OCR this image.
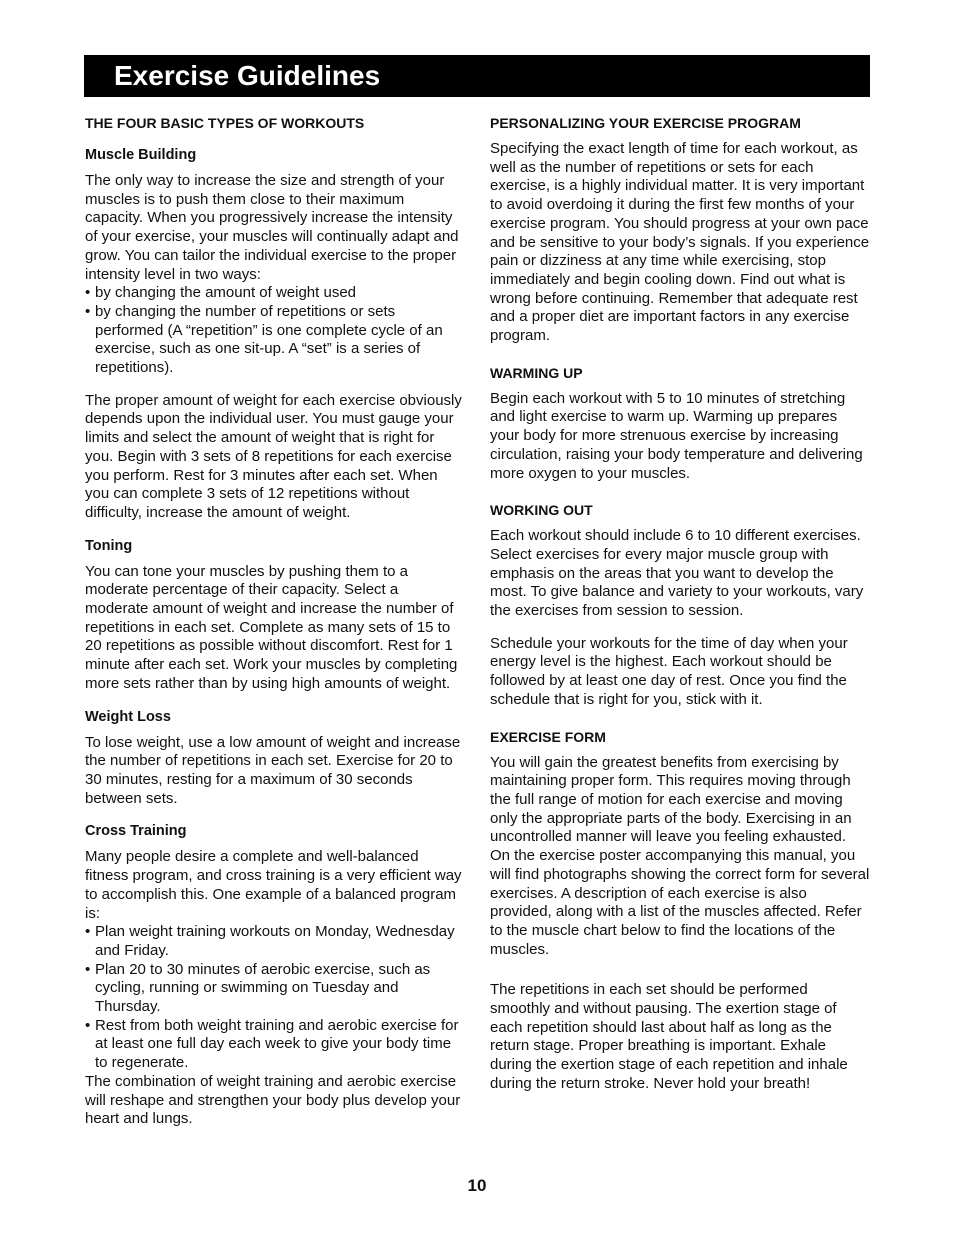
Exercise Guidelines
THE FOUR BASIC TYPES OF WORKOUTS
Muscle Building

The only way to increase the size and strength of your muscles is to push them close to their maximum capacity. When you progressively increase the intensity of your exercise, your muscles will continually adapt and grow. You can tailor the individual exercise to the proper intensity level in two ways:

• by changing the amount of weight used
• by changing the number of repetitions or sets performed (A “repetition” is one complete cycle of an exercise, such as one sit-up. A “set” is a series of repetitions).

The proper amount of weight for each exercise obviously depends upon the individual user. You must gauge your limits and select the amount of weight that is right for you. Begin with 3 sets of 8 repetitions for each exercise you perform. Rest for 3 minutes after each set. When you can complete 3 sets of 12 repetitions without difficulty, increase the amount of weight.

Toning

You can tone your muscles by pushing them to a moderate percentage of their capacity. Select a moderate amount of weight and increase the number of repetitions in each set. Complete as many sets of 15 to 20 repetitions as possible without discomfort. Rest for 1 minute after each set. Work your muscles by completing more sets rather than by using high amounts of weight.

Weight Loss

To lose weight, use a low amount of weight and increase the number of repetitions in each set. Exercise for 20 to 30 minutes, resting for a maximum of 30 seconds between sets.

Cross Training

Many people desire a complete and well-balanced fitness program, and cross training is a very efficient way to accomplish this. One example of a balanced program is:

• Plan weight training workouts on Monday, Wednesday and Friday.
• Plan 20 to 30 minutes of aerobic exercise, such as cycling, running or swimming on Tuesday and Thursday.
• Rest from both weight training and aerobic exercise for at least one full day each week to give your body time to regenerate.

The combination of weight training and aerobic exercise will reshape and strengthen your body plus develop your heart and lungs.

PERSONALIZING YOUR EXERCISE PROGRAM

Specifying the exact length of time for each workout, as well as the number of repetitions or sets for each exercise, is a highly individual matter. It is very important to avoid overdoing it during the first few months of your exercise program. You should progress at your own pace and be sensitive to your body’s signals. If you experience pain or dizziness at any time while exercising, stop immediately and begin cooling down. Find out what is wrong before continuing. Remember that adequate rest and a proper diet are important factors in any exercise program.

WARMING UP

Begin each workout with 5 to 10 minutes of stretching and light exercise to warm up. Warming up prepares your body for more strenuous exercise by increasing circulation, raising your body temperature and delivering more oxygen to your muscles.

WORKING OUT

Each workout should include 6 to 10 different exercises. Select exercises for every major muscle group with emphasis on the areas that you want to develop the most. To give balance and variety to your workouts, vary the exercises from session to session.

Schedule your workouts for the time of day when your energy level is the highest. Each workout should be followed by at least one day of rest. Once you find the schedule that is right for you, stick with it.

EXERCISE FORM

You will gain the greatest benefits from exercising by maintaining proper form. This requires moving through the full range of motion for each exercise and moving only the appropriate parts of the body. Exercising in an uncontrolled manner will leave you feeling exhausted. On the exercise poster accompanying this manual, you will find photographs showing the correct form for several exercises. A description of each exercise is also provided, along with a list of the muscles affected. Refer to the muscle chart below to find the locations of the muscles.

The repetitions in each set should be performed smoothly and without pausing. The exertion stage of each repetition should last about half as long as the return stage. Proper breathing is important. Exhale during the exertion stage of each repetition and inhale during the return stroke. Never hold your breath!

10
